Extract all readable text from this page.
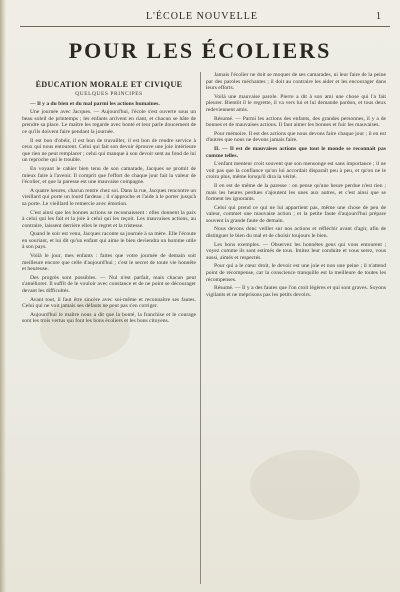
L'ÉCOLE NOUVELLE	1
POUR LES ÉCOLIERS
ÉDUCATION MORALE ET CIVIQUE
QUELQUES PRINCIPES

— Il y a du bien et du mal parmi les actions humaines.

Une journée avec Jacques. — Aujourd'hui, l'école s'est ouverte sous un beau soleil de printemps ; les enfants arrivent en riant, et chacun se hâte de prendre sa place. Le maître les regarde avec bonté et leur parle doucement de ce qu'ils doivent faire pendant la journée.

Il est bon d'obéir, il est bon de travailler, il est bon de rendre service à ceux qui nous entourent. Celui qui fait son devoir éprouve une joie intérieure que rien ne peut remplacer ; celui qui manque à son devoir sent au fond de lui un reproche qui le trouble.

En voyant le cahier bien tenu de son camarade, Jacques se promit de mieux faire à l'avenir. Il comprit que l'effort de chaque jour fait la valeur de l'écolier, et que la paresse est une mauvaise compagne.

A quatre heures, chacun rentre chez soi. Dans la rue, Jacques rencontre un vieillard qui porte un lourd fardeau ; il s'approche et l'aide à le porter jusqu'à sa porte. Le vieillard le remercie avec émotion.

C'est ainsi que les bonnes actions se reconnaissent : elles donnent la paix à celui qui les fait et la joie à celui qui les reçoit. Les mauvaises actions, au contraire, laissent derrière elles le regret et la tristesse.

Quand le soir est venu, Jacques raconte sa journée à sa mère. Elle l'écoute en souriant, et lui dit qu'un enfant qui aime le bien deviendra un homme utile à son pays.

Voilà le jour, mes enfants : faites que votre journée de demain soit meilleure encore que celle d'aujourd'hui ; c'est le secret de toute vie honnête et heureuse.

Des progrès sont possibles. — Nul n'est parfait, mais chacun peut s'améliorer. Il suffit de le vouloir avec constance et de ne point se décourager devant les difficultés.

Avant tout, il faut être sincère avec soi-même et reconnaître ses fautes. Celui qui ne voit jamais ses défauts ne peut pas s'en corriger.

Aujourd'hui le maître nous a dit que la bonté, la franchise et le courage sont les trois vertus qui font les bons écoliers et les bons citoyens.

Jamais l'écolier ne doit se moquer de ses camarades, ni leur faire de la peine par des paroles méchantes ; il doit au contraire les aider et les encourager dans leurs efforts.

Voilà une mauvaise parole. Pierre a dit à son ami une chose qui l'a fait pleurer. Bientôt il le regrette, il va vers lui et lui demande pardon, et tous deux redeviennent amis.

Résumé. — Parmi les actions des enfants, des grandes personnes, il y a de bonnes et de mauvaises actions. Il faut aimer les bonnes et fuir les mauvaises.

Pour mémoire. Il est des actions que nous devons faire chaque jour ; il en est d'autres que nous ne devons jamais faire.

II. — Il est de mauvaises actions que tout le monde se reconnaît pas comme telles.

L'enfant menteur croit souvent que son mensonge est sans importance ; il ne voit pas que la confiance qu'on lui accordait disparaît peu à peu, et qu'on ne le croira plus, même lorsqu'il dira la vérité.

Il en est de même de la paresse : on pense qu'une heure perdue n'est rien ; mais les heures perdues s'ajoutent les unes aux autres, et c'est ainsi que se forment les ignorants.

Celui qui prend ce qui ne lui appartient pas, même une chose de peu de valeur, commet une mauvaise action ; et la petite faute d'aujourd'hui prépare souvent la grande faute de demain.

Nous devons donc veiller sur nos actions et réfléchir avant d'agir, afin de distinguer le bien du mal et de choisir toujours le bien.

Les bons exemples. — Observez les honnêtes gens qui vous entourent ; voyez comme ils sont estimés de tous. Imitez leur conduite et vous serez, vous aussi, aimés et respectés.

Pour qui a le cœur droit, le devoir est une joie et non une peine ; il n'attend point de récompense, car la conscience tranquille est la meilleure de toutes les récompenses.

Résumé. — Il y a des fautes que l'on croit légères et qui sont graves. Soyons vigilants et ne méprisons pas les petits devoirs.
